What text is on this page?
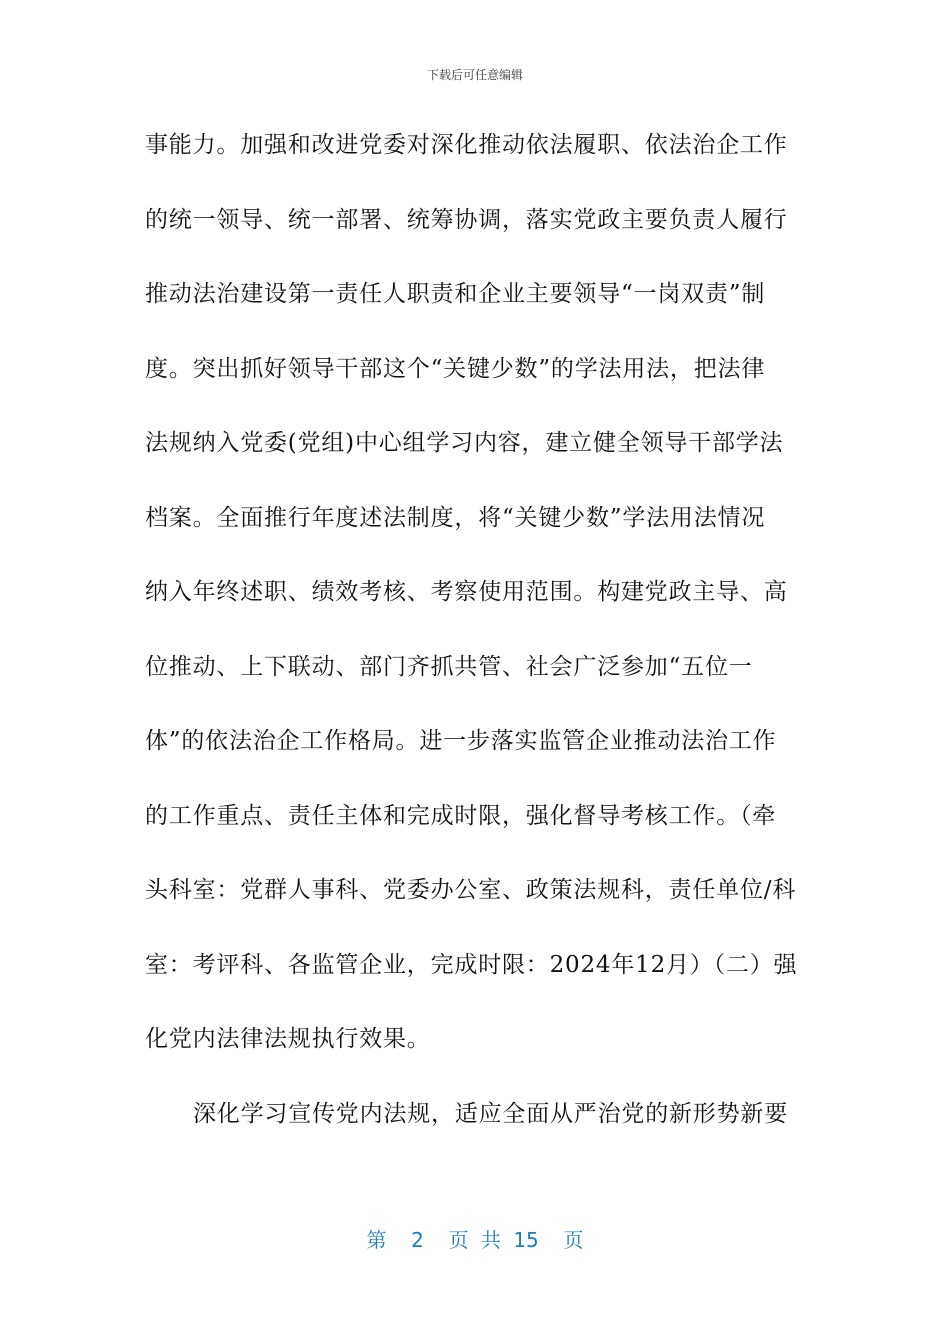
下载后可任意编辑
事能力。加强和改进党委对深化推动依法履职、依法治企工作
的统一领导、统一部署、统筹协调，落实党政主要负责人履行
推动法治建设第一责任人职责和企业主要领导“一岗双责”制
度。突出抓好领导干部这个“关键少数”的学法用法，把法律
法规纳入党委(党组)中心组学习内容，建立健全领导干部学法
档案。全面推行年度述法制度，将“关键少数”学法用法情况
纳入年终述职、绩效考核、考察使用范围。构建党政主导、高
位推动、上下联动、部门齐抓共管、社会广泛参加“五位一
体”的依法治企工作格局。进一步落实监管企业推动法治工作
的工作重点、责任主体和完成时限，强化督导考核工作。（牵
头科室：党群人事科、党委办公室、政策法规科，责任单位/科
室：考评科、各监管企业，完成时限：2024年12月）（二）强
化党内法律法规执行效果。
深化学习宣传党内法规，适应全面从严治党的新形势新要
第  2  页 共 15  页
